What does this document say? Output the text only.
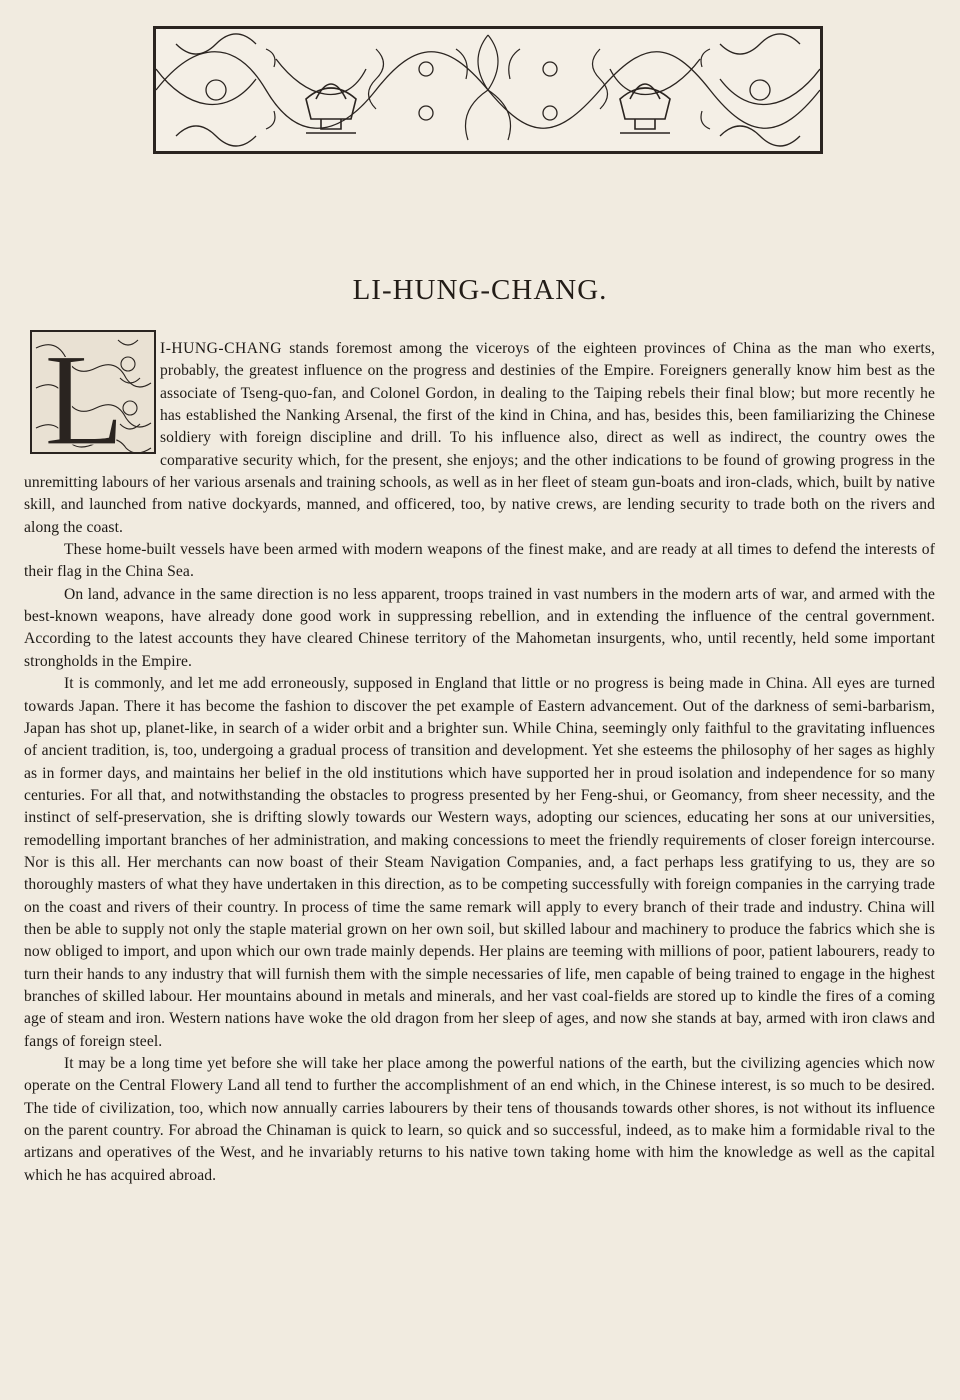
LI-HUNG-CHANG.
L	I-HUNG-CHANG stands foremost among the viceroys of the eighteen provinces of China as the man who exerts, probably, the greatest influence on the progress and destinies of the Empire. Foreigners generally know him best as the associate of Tseng-quo-fan, and Colonel Gordon, in dealing to the Taiping rebels their final blow; but more recently he has established the Nanking Arsenal, the first of the kind in China, and has, besides this, been familiarizing the Chinese soldiery with foreign discipline and drill. To his influence also, direct as well as indirect, the country owes the comparative security which, for the present, she enjoys; and the other indications to be found of growing progress in the unremitting labours of her various arsenals and training schools, as well as in her fleet of steam gun-boats and iron-clads, which, built by native skill, and launched from native dockyards, manned, and officered, too, by native crews, are lending security to trade both on the rivers and along the coast.

These home-built vessels have been armed with modern weapons of the finest make, and are ready at all times to defend the interests of their flag in the China Sea.

On land, advance in the same direction is no less apparent, troops trained in vast numbers in the modern arts of war, and armed with the best-known weapons, have already done good work in suppressing rebellion, and in extending the influence of the central government. According to the latest accounts they have cleared Chinese territory of the Mahometan insurgents, who, until recently, held some important strongholds in the Empire.

It is commonly, and let me add erroneously, supposed in England that little or no progress is being made in China. All eyes are turned towards Japan. There it has become the fashion to discover the pet example of Eastern advancement. Out of the darkness of semi-barbarism, Japan has shot up, planet-like, in search of a wider orbit and a brighter sun. While China, seemingly only faithful to the gravitating influences of ancient tradition, is, too, undergoing a gradual process of transition and development. Yet she esteems the philosophy of her sages as highly as in former days, and maintains her belief in the old institutions which have supported her in proud isolation and independence for so many centuries. For all that, and notwithstanding the obstacles to progress presented by her Feng-shui, or Geomancy, from sheer necessity, and the instinct of self-preservation, she is drifting slowly towards our Western ways, adopting our sciences, educating her sons at our universities, remodelling important branches of her administration, and making concessions to meet the friendly requirements of closer foreign intercourse. Nor is this all. Her merchants can now boast of their Steam Navigation Companies, and, a fact perhaps less gratifying to us, they are so thoroughly masters of what they have undertaken in this direction, as to be competing successfully with foreign companies in the carrying trade on the coast and rivers of their country. In process of time the same remark will apply to every branch of their trade and industry. China will then be able to supply not only the staple material grown on her own soil, but skilled labour and machinery to produce the fabrics which she is now obliged to import, and upon which our own trade mainly depends. Her plains are teeming with millions of poor, patient labourers, ready to turn their hands to any industry that will furnish them with the simple necessaries of life, men capable of being trained to engage in the highest branches of skilled labour. Her mountains abound in metals and minerals, and her vast coal-fields are stored up to kindle the fires of a coming age of steam and iron. Western nations have woke the old dragon from her sleep of ages, and now she stands at bay, armed with iron claws and fangs of foreign steel.

It may be a long time yet before she will take her place among the powerful nations of the earth, but the civilizing agencies which now operate on the Central Flowery Land all tend to further the accomplishment of an end which, in the Chinese interest, is so much to be desired. The tide of civilization, too, which now annually carries labourers by their tens of thousands towards other shores, is not without its influence on the parent country. For abroad the Chinaman is quick to learn, so quick and so successful, indeed, as to make him a formidable rival to the artizans and operatives of the West, and he invariably returns to his native town taking home with him the knowledge as well as the capital which he has acquired abroad.
